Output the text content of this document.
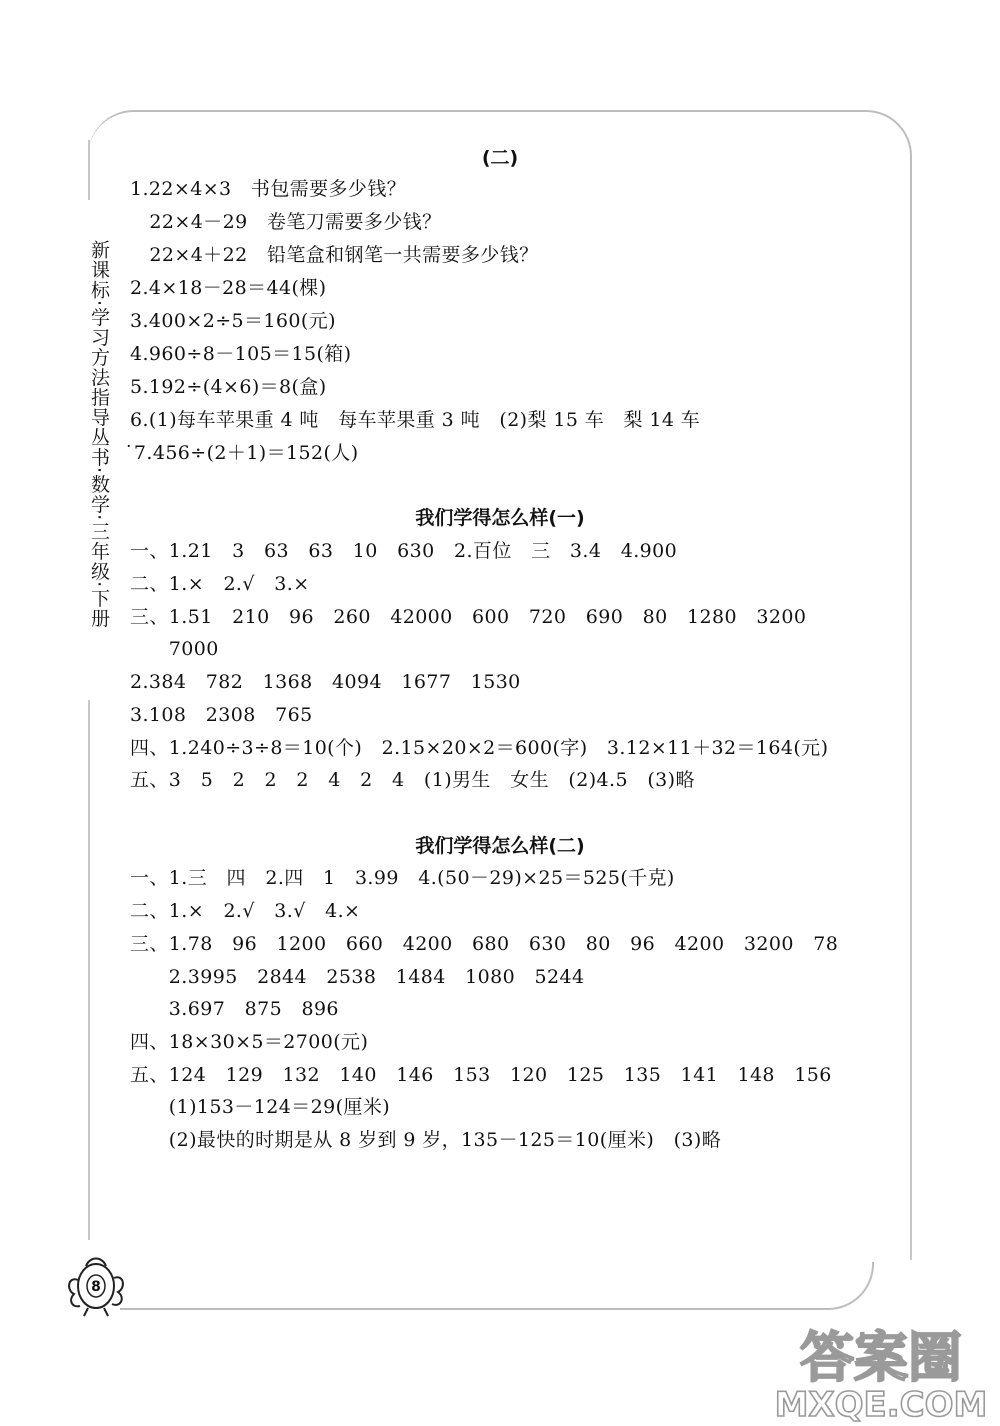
新课标·学习方法指导丛书·数学·三年级·下册
(二)
1.22×4×3　书包需要多少钱？
　22×4－29　卷笔刀需要多少钱？
　22×4＋22　铅笔盒和钢笔一共需要多少钱？
2.4×18－28＝44(棵)
3.400×2÷5＝160(元)
4.960÷8－105＝15(箱)
5.192÷(4×6)＝8(盒)
6.(1)每车苹果重 4 吨　每车苹果重 3 吨　(2)梨 15 车　梨 14 车
˙7.456÷(2＋1)＝152(人)
我们学得怎么样(一)
一、1.21　3　63　63　10　630　2.百位　三　3.4　4.900
二、1.×　2.√　3.×
三、1.51　210　96　260　42000　600　720　690　80　1280　3200
　　7000
2.384　782　1368　4094　1677　1530
3.108　2308　765
四、1.240÷3÷8＝10(个)　2.15×20×2＝600(字)　3.12×11＋32＝164(元)
五、3　5　2　2　2　4　2　4　(1)男生　女生　(2)4.5　(3)略
我们学得怎么样(二)
一、1.三　四　2.四　1　3.99　4.(50－29)×25＝525(千克)
二、1.×　2.√　3.√　4.×
三、1.78　96　1200　660　4200　680　630　80　96　4200　3200　78
　　2.3995　2844　2538　1484　1080　5244
　　3.697　875　896
四、18×30×5＝2700(元)
五、124　129　132　140　146　153　120　125　135　141　148　156
　　(1)153－124＝29(厘米)
　　(2)最快的时期是从 8 岁到 9 岁，135－125＝10(厘米)　(3)略
8
答案圈
MXQE.COM
